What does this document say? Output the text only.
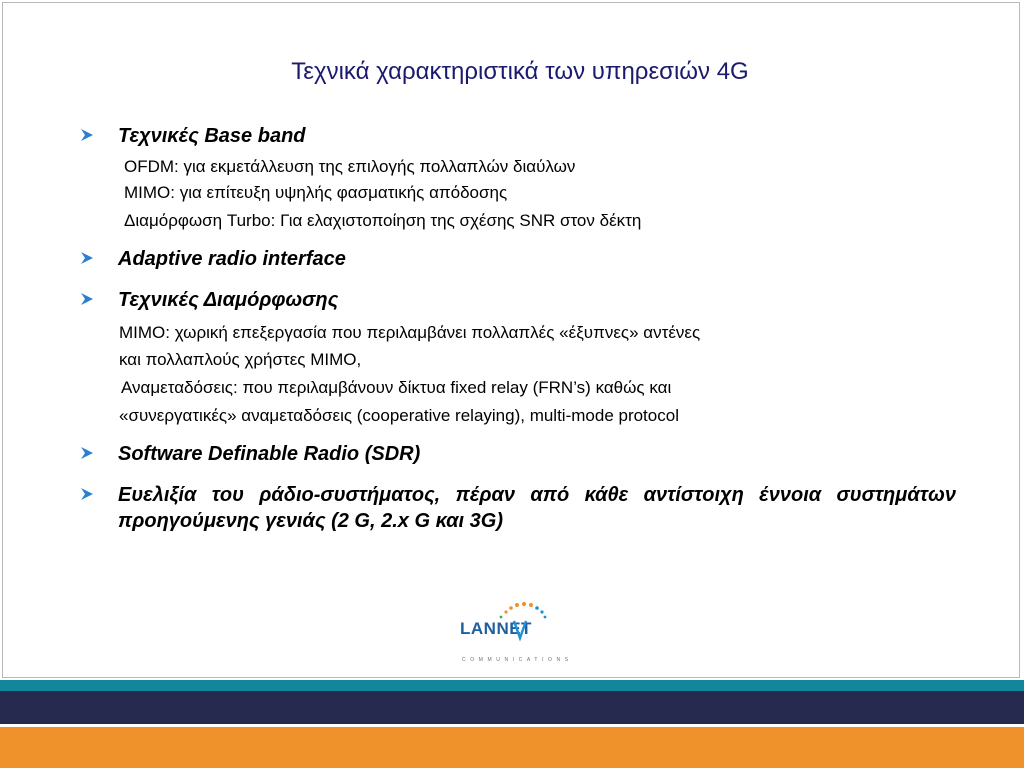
Τεχνικά χαρακτηριστικά των υπηρεσιών 4G
Τεχνικές Base band
OFDM: για εκμετάλλευση της επιλογής πολλαπλών διαύλων
MIMO: για επίτευξη υψηλής φασματικής απόδοσης
Διαμόρφωση Turbo: Για ελαχιστοποίηση της σχέσης SNR στον δέκτη
Adaptive radio interface
Τεχνικές Διαμόρφωσης
MIMO: χωρική επεξεργασία που περιλαμβάνει πολλαπλές «έξυπνες» αντένες
και πολλαπλούς χρήστες MIMO,
Αναμεταδόσεις: που περιλαμβάνουν δίκτυα fixed relay (FRN’s) καθώς και
«συνεργατικές» αναμεταδόσεις (cooperative relaying), multi-mode protocol
Software Definable Radio (SDR)
Ευελιξία του ράδιο-συστήματος, πέραν από κάθε αντίστοιχη έννοια συστημάτων προηγούμενης γενιάς (2 G, 2.x G και 3G)
LANNET
COMMUNICATIONS
